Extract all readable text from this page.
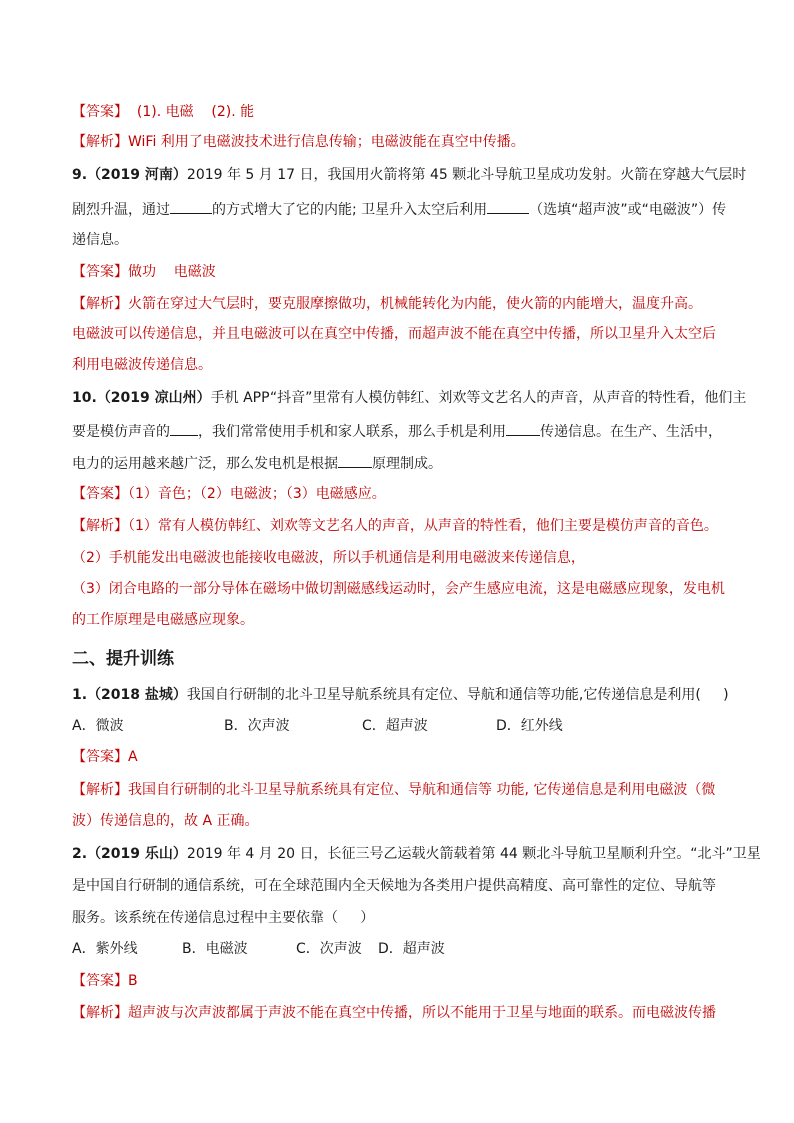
【答案】  (1). 电磁    (2). 能
【解析】WiFi 利用了电磁波技术进行信息传输；电磁波能在真空中传播。
9.（2019 河南）2019 年 5 月 17 日，我国用火箭将第 45 颗北斗导航卫星成功发射。火箭在穿越大气层时
剧烈升温，通过	的方式增大了它的内能; 卫星升入太空后利用	（选填“超声波”或“电磁波”）传
递信息。
【答案】做功    电磁波
【解析】火箭在穿过大气层时，要克服摩擦做功，机械能转化为内能，使火箭的内能增大，温度升高。
电磁波可以传递信息，并且电磁波可以在真空中传播，而超声波不能在真空中传播，所以卫星升入太空后
利用电磁波传递信息。
10.（2019 凉山州）手机 APP“抖音”里常有人模仿韩红、刘欢等文艺名人的声音，从声音的特性看，他们主
要是模仿声音的 ，我们常常使用手机和家人联系，那么手机是利用 传递信息。在生产、生活中，
电力的运用越来越广泛，那么发电机是根据 原理制成。
【答案】（1）音色；（2）电磁波；（3）电磁感应。
【解析】（1）常有人模仿韩红、刘欢等文艺名人的声音，从声音的特性看，他们主要是模仿声音的音色。
（2）手机能发出电磁波也能接收电磁波，所以手机通信是利用电磁波来传递信息，
（3）闭合电路的一部分导体在磁场中做切割磁感线运动时，会产生感应电流，这是电磁感应现象，发电机
的工作原理是电磁感应现象。
二、提升训练
1.（2018 盐城）我国自行研制的北斗卫星导航系统具有定位、导航和通信等功能,它传递信息是利用(     )
A．微波	B．次声波	C．超声波	D．红外线
【答案】A
【解析】我国自行研制的北斗卫星导航系统具有定位、导航和通信等 功能, 它传递信息是利用电磁波（微
波）传递信息的，故 A 正确。
2.（2019 乐山）2019 年 4 月 20 日，长征三号乙运载火箭载着第 44 颗北斗导航卫星顺利升空。“北斗”卫星
是中国自行研制的通信系统，可在全球范围内全天候地为各类用户提供高精度、高可靠性的定位、导航等
服务。该系统在传递信息过程中主要依靠（     ）
A．紫外线	B．电磁波	C．次声波 D．超声波
【答案】B
【解析】超声波与次声波都属于声波不能在真空中传播，所以不能用于卫星与地面的联系。而电磁波传播
